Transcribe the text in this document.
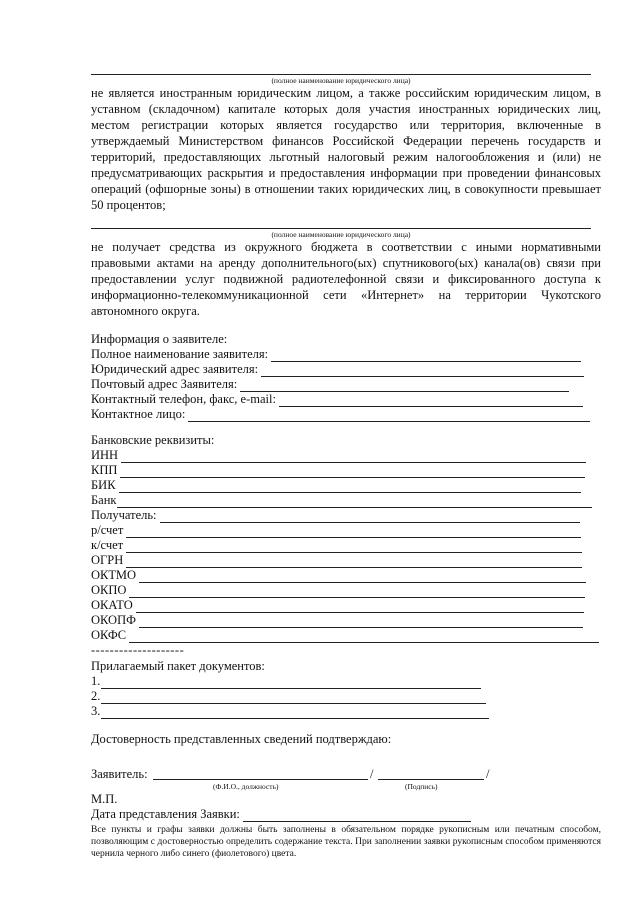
(полное наименование юридического лица)

не является иностранным юридическим лицом, а также российским юридическим лицом, в уставном (складочном) капитале которых доля участия иностранных юридических лиц, местом регистрации которых является государство или территория, включенные в утверждаемый Министерством финансов Российской Федерации перечень государств и территорий, предоставляющих льготный налоговый режим налогообложения и (или) не предусматривающих раскрытия и предоставления информации при проведении финансовых операций (офшорные зоны) в отношении таких юридических лиц, в совокупности превышает 50 процентов;

(полное наименование юридического лица)

не получает средства из окружного бюджета в соответствии с иными нормативными правовыми актами на аренду дополнительного(ых) спутникового(ых) канала(ов) связи при предоставлении услуг подвижной радиотелефонной связи и фиксированного доступа к информационно-телекоммуникационной сети «Интернет» на территории Чукотского автономного округа.

Информация о заявителе:
Полное наименование заявителя:
Юридический адрес заявителя:
Почтовый адрес Заявителя:
Контактный телефон, факс, e-mail:
Контактное лицо:
Банковские реквизиты:
ИНН
КПП
БИК
Банк
Получатель:
р/счет
к/счет
ОГРН
ОКТМО
ОКПО
ОКАТО
ОКОПФ
ОКФС
--------------------
Прилагаемый пакет документов:
1.
2.
3.
Достоверность представленных сведений подтверждаю:
Заявитель:	/	/
(Ф.И.О., должность)	(Подпись)
М.П.
Дата представления Заявки:

Все пункты и графы заявки должны быть заполнены в обязательном порядке рукописным или печатным способом, позволяющим с достоверностью определить содержание текста. При заполнении заявки рукописным способом применяются чернила черного либо синего (фиолетового) цвета.
